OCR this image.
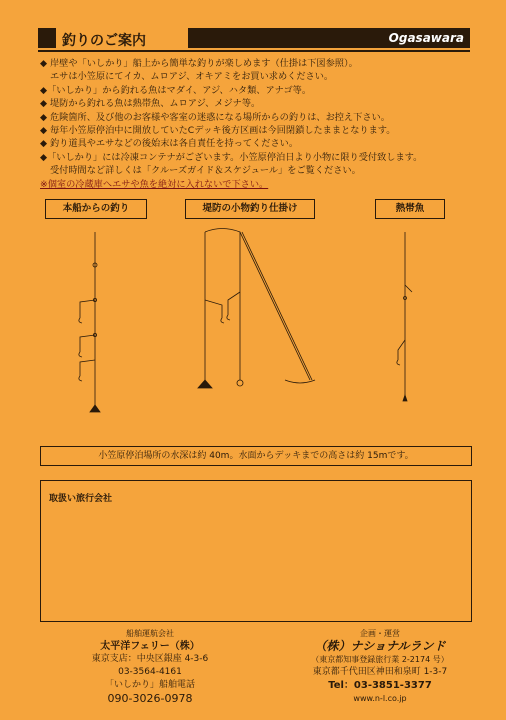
釣りのご案内	Ogasawara
◆ 岸壁や「いしかり」船上から簡単な釣りが楽しめます（仕掛は下図参照）。
エサは小笠原にてイカ、ムロアジ、オキアミをお買い求めください。
◆「いしかり」から釣れる魚はマダイ、アジ、ハタ類、アナゴ等。
◆ 堤防から釣れる魚は熱帯魚、ムロアジ、メジナ等。
◆ 危険箇所、及び他のお客様や客室の迷惑になる場所からの釣りは、お控え下さい。
◆ 毎年小笠原停泊中に開放していたCデッキ後方区画は今回閉鎖したままとなります。
◆ 釣り道具やエサなどの後始末は各自責任を持ってください。
◆「いしかり」には冷凍コンテナがございます。小笠原停泊日より小物に限り受付致します。
受付時間など詳しくは「クルーズガイド＆スケジュール」をご覧ください。
※個室の冷蔵庫へエサや魚を絶対に入れないで下さい。
本船からの釣り	堤防の小物釣り仕掛け	熱帯魚
小笠原停泊場所の水深は約 40m。水面からデッキまでの高さは約 15mです。
取扱い旅行会社
船舶運航会社
太平洋フェリー（株）
東京支店：中央区銀座 4-3-6
03-3564-4161
「いしかり」船舶電話
090-3026-0978
企画・運営
（株）ナショナルランド
（東京都知事登録旅行業 2-2174 号）
東京都千代田区神田和泉町 1-3-7
Tel：03-3851-3377
www.n-l.co.jp
